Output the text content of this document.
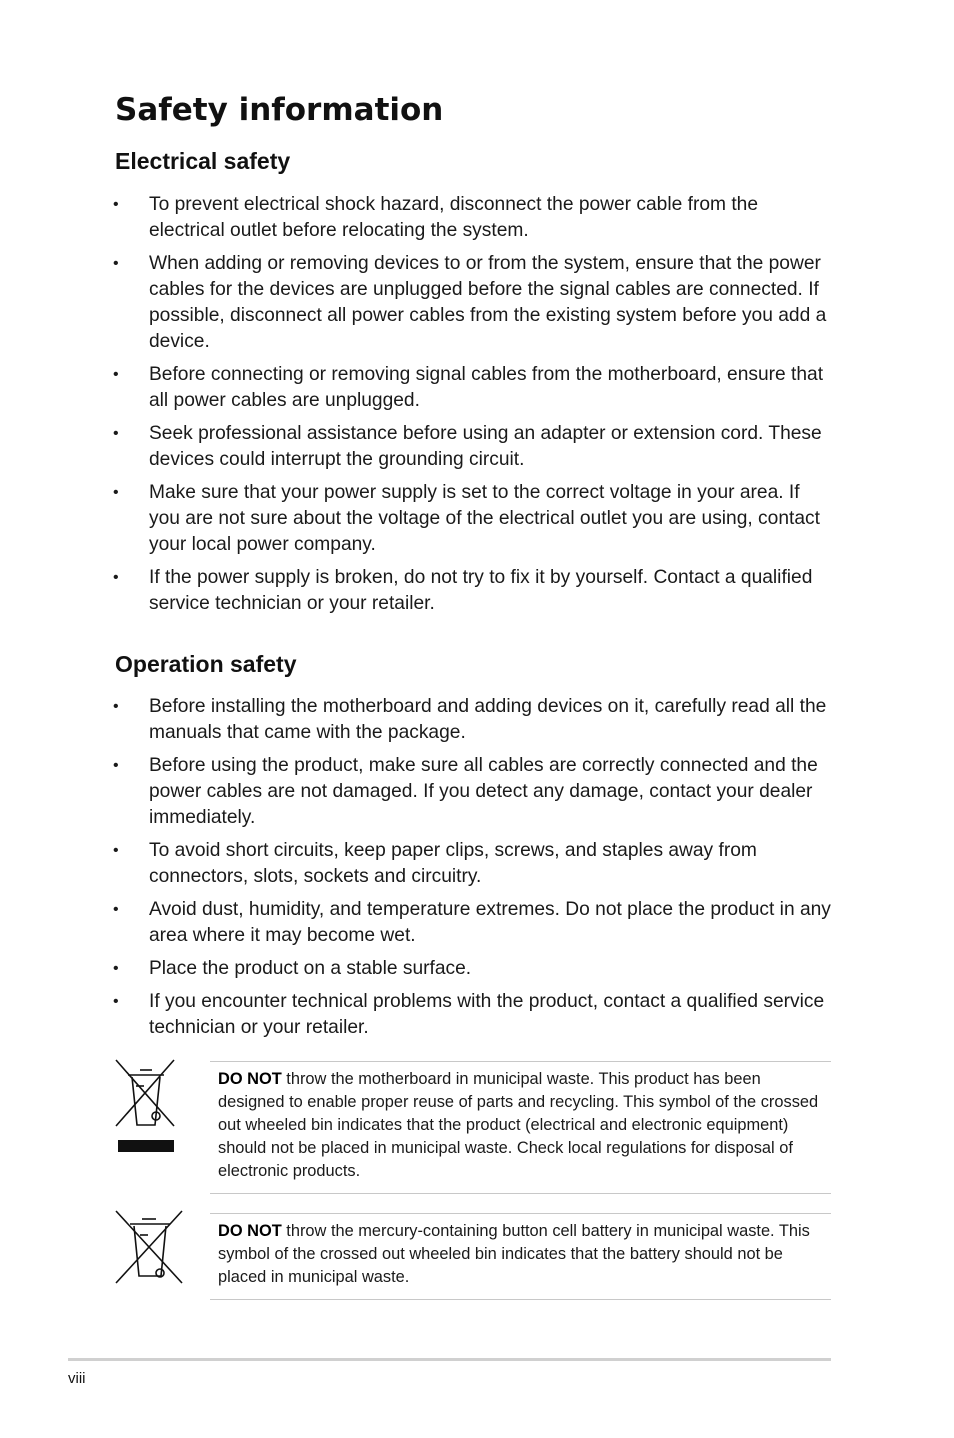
Safety information
Electrical safety
• To prevent electrical shock hazard, disconnect the power cable from the electrical outlet before relocating the system.
• When adding or removing devices to or from the system, ensure that the power cables for the devices are unplugged before the signal cables are connected. If possible, disconnect all power cables from the existing system before you add a device.
• Before connecting or removing signal cables from the motherboard, ensure that all power cables are unplugged.
• Seek professional assistance before using an adapter or extension cord. These devices could interrupt the grounding circuit.
• Make sure that your power supply is set to the correct voltage in your area. If you are not sure about the voltage of the electrical outlet you are using, contact your local power company.
• If the power supply is broken, do not try to fix it by yourself. Contact a qualified service technician or your retailer.
Operation safety
• Before installing the motherboard and adding devices on it, carefully read all the manuals that came with the package.
• Before using the product, make sure all cables are correctly connected and the power cables are not damaged. If you detect any damage, contact your dealer immediately.
• To avoid short circuits, keep paper clips, screws, and staples away from connectors, slots, sockets and circuitry.
• Avoid dust, humidity, and temperature extremes. Do not place the product in any area where it may become wet.
• Place the product on a stable surface.
• If you encounter technical problems with the product, contact a qualified service technician or your retailer.
DO NOT throw the motherboard in municipal waste. This product has been designed to enable proper reuse of parts and recycling. This symbol of the crossed out wheeled bin indicates that the product (electrical and electronic equipment) should not be placed in municipal waste. Check local regulations for disposal of electronic products.
DO NOT throw the mercury-containing button cell battery in municipal waste. This symbol of the crossed out wheeled bin indicates that the battery should not be placed in municipal waste.
viii
